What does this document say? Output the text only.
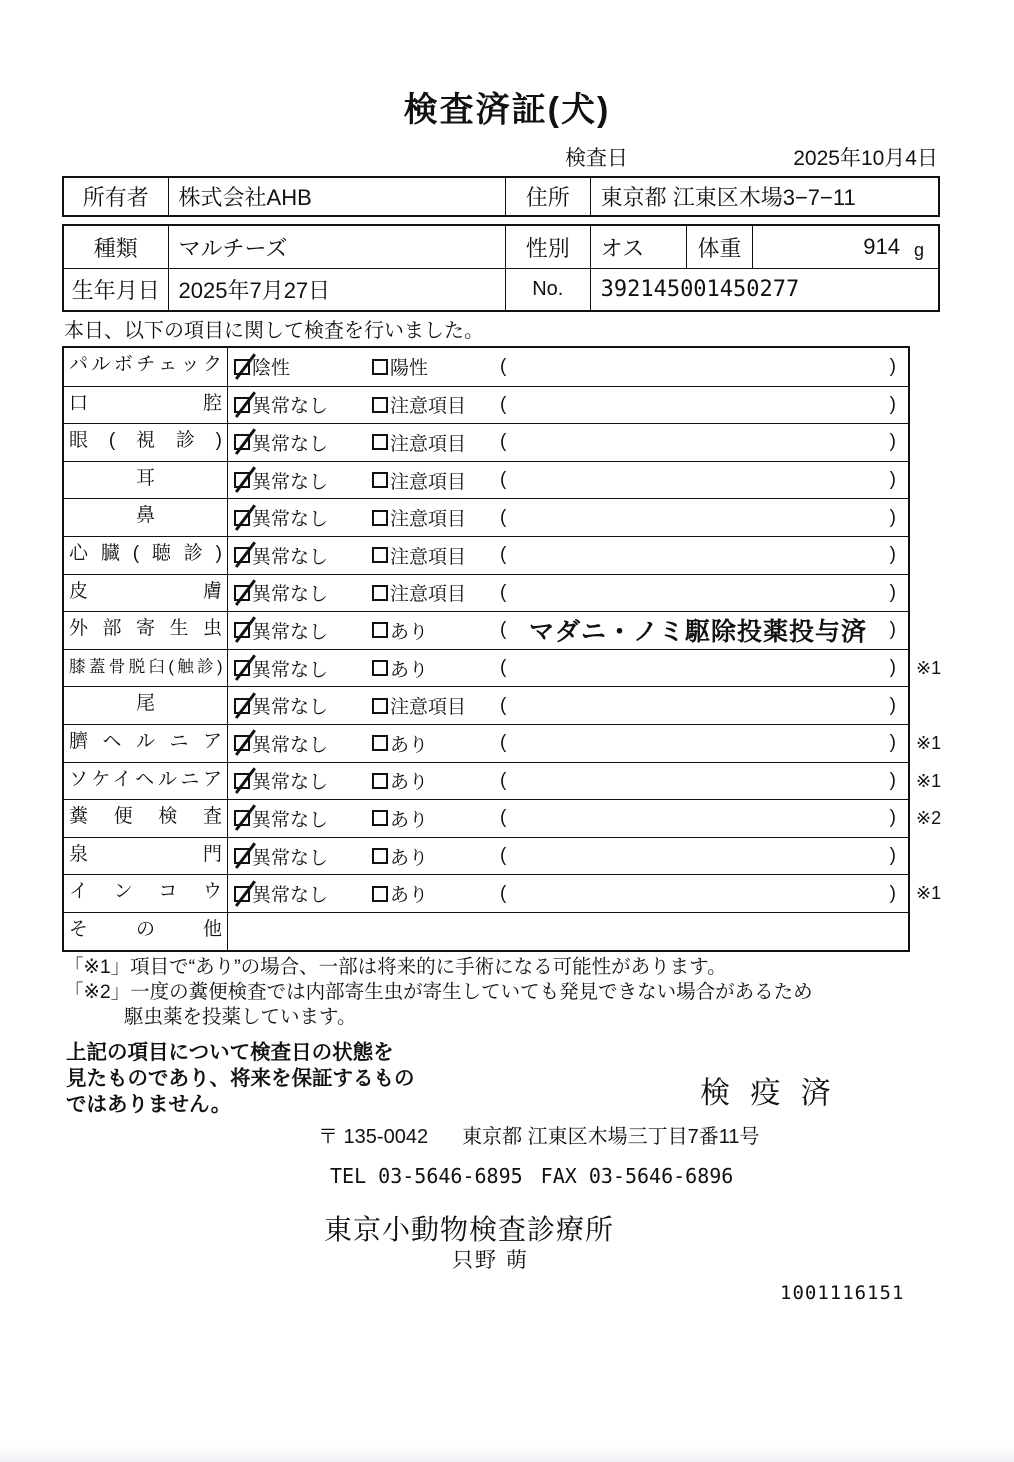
検査済証(犬)
検査日	2025年10月4日
所有者	株式会社AHB	住所	東京都 江東区木場3−7−11
種類	マルチーズ	性別	オス	体重	914 g
生年月日 2025年7月27日	No.	392145001450277
本日、以下の項目に関して検査を行いました。
パルボチェック	陰性	陽性	(	)
口腔	異常なし	注意項目 (	)
眼(視診)	異常なし	注意項目 (	)
耳	異常なし	注意項目 (	)
鼻	異常なし	注意項目 (	)
心臓(聴診)	異常なし	注意項目 (	)
皮膚	異常なし	注意項目 (	)
外部寄生虫	異常なし	あり	( マダニ・ノミ駆除投薬投与済	)
膝蓋骨脱臼(触診)	異常なし	あり	(	)	※1
尾	異常なし	注意項目 (	)
臍ヘルニア	異常なし	あり	(	)	※1
ソケイヘルニア	異常なし	あり	(	)	※1
糞便検査	異常なし	あり	(	)	※2
泉門	異常なし	あり	(	)
インコウ	異常なし	あり	(	)	※1
その他
「※1」項目で“あり”の場合、一部は将来的に手術になる可能性があります。
「※2」一度の糞便検査では内部寄生虫が寄生していても発見できない場合があるため
駆虫薬を投薬しています。
上記の項目について検査日の状態を
見たものであり、将来を保証するもの
ではありません。	検 疫 済
〒 135-0042 東京都 江東区木場三丁目7番11号
TEL 03-5646-6895 FAX 03-5646-6896
東京小動物検査診療所
只野 萌
1001116151
